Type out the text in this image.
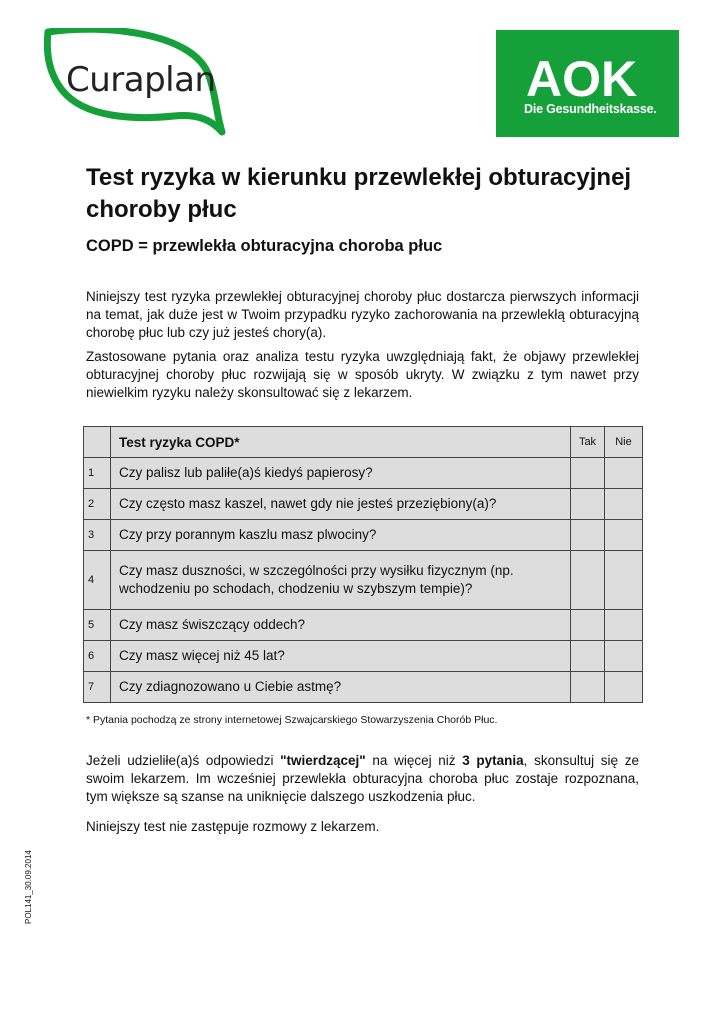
Curaplan	AOK
Die Gesundheitskasse.
Test ryzyka w kierunku przewlekłej obturacyjnej choroby płuc

COPD = przewlekła obturacyjna choroba płuc

Niniejszy test ryzyka przewlekłej obturacyjnej choroby płuc dostarcza pierwszych informacji na temat, jak duże jest w Twoim przypadku ryzyko zachorowania na przewlekłą obturacyjną chorobę płuc lub czy już jesteś chory(a).

Zastosowane pytania oraz analiza testu ryzyka uwzględniają fakt, że objawy przewlekłej obturacyjnej choroby płuc rozwijają się w sposób ukryty. W związku z tym nawet przy niewielkim ryzyku należy skonsultować się z lekarzem.

	Test ryzyka COPD*	Tak	Nie
1	Czy palisz lub paliłe(a)ś kiedyś papierosy?		
2	Czy często masz kaszel, nawet gdy nie jesteś przeziębiony(a)?		
3	Czy przy porannym kaszlu masz plwociny?		
4	Czy masz duszności, w szczególności przy wysiłku fizycznym (np. wchodzeniu po schodach, chodzeniu w szybszym tempie)?		
5	Czy masz świszczący oddech?		
6	Czy masz więcej niż 45 lat?		
7	Czy zdiagnozowano u Ciebie astmę?		

* Pytania pochodzą ze strony internetowej Szwajcarskiego Stowarzyszenia Chorób Płuc.

Jeżeli udzieliłe(a)ś odpowiedzi "twierdzącej" na więcej niż 3 pytania, skonsultuj się ze swoim lekarzem. Im wcześniej przewlekła obturacyjna choroba płuc zostaje rozpoznana, tym większe są szanse na uniknięcie dalszego uszkodzenia płuc.

Niniejszy test nie zastępuje rozmowy z lekarzem.

POL141_30.09.2014
